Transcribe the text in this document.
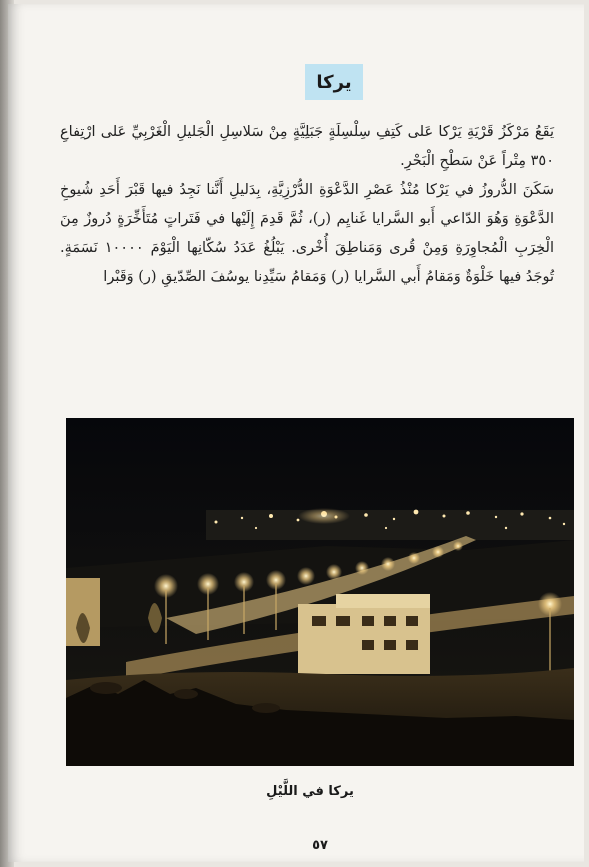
يركا

يَقَعُ مَرْكَزُ قَرْيَةِ يَرْكا عَلى كَتِفِ سِلْسِلَةٍ جَبَلِيَّةٍ مِنْ سَلاسِلِ الْجَليلِ الْغَرْبِيِّ عَلى ارْتِفاعِ ٣٥٠ مِتْراً عَنْ سَطْحِ الْبَحْرِ.

سَكَنَ الدُّروزُ في يَرْكا مُنْذُ عَصْرِ الدَّعْوَةِ الدُّرْزِيَّةِ، بِدَليلِ أَنَّنا نَجِدُ فيها قَبْرَ أَحَدِ شُيوخِ الدَّعْوَةِ وَهُوَ الدّاعي أَبو السَّرايا غَنايِم (ر)، ثُمَّ قَدِمَ إِلَيْها في فَتَراتٍ مُتَأَخِّرَةٍ دُروزٌ مِنَ الْخِرَبِ الْمُجاوِرَةِ وَمِنْ قُرى وَمَناطِقَ أُخْرى. يَبْلُغُ عَدَدُ سُكّانِها الْيَوْمَ ١٠٠٠٠ نَسَمَةٍ. تُوجَدُ فيها خَلْوَةٌ وَمَقامُ أَبي السَّرايا (ر) وَمَقامُ سَيِّدِنا يوسُفَ الصِّدّيقِ (ر) وَقَبْرا

يركا في اللَّيْلِ
٥٧
